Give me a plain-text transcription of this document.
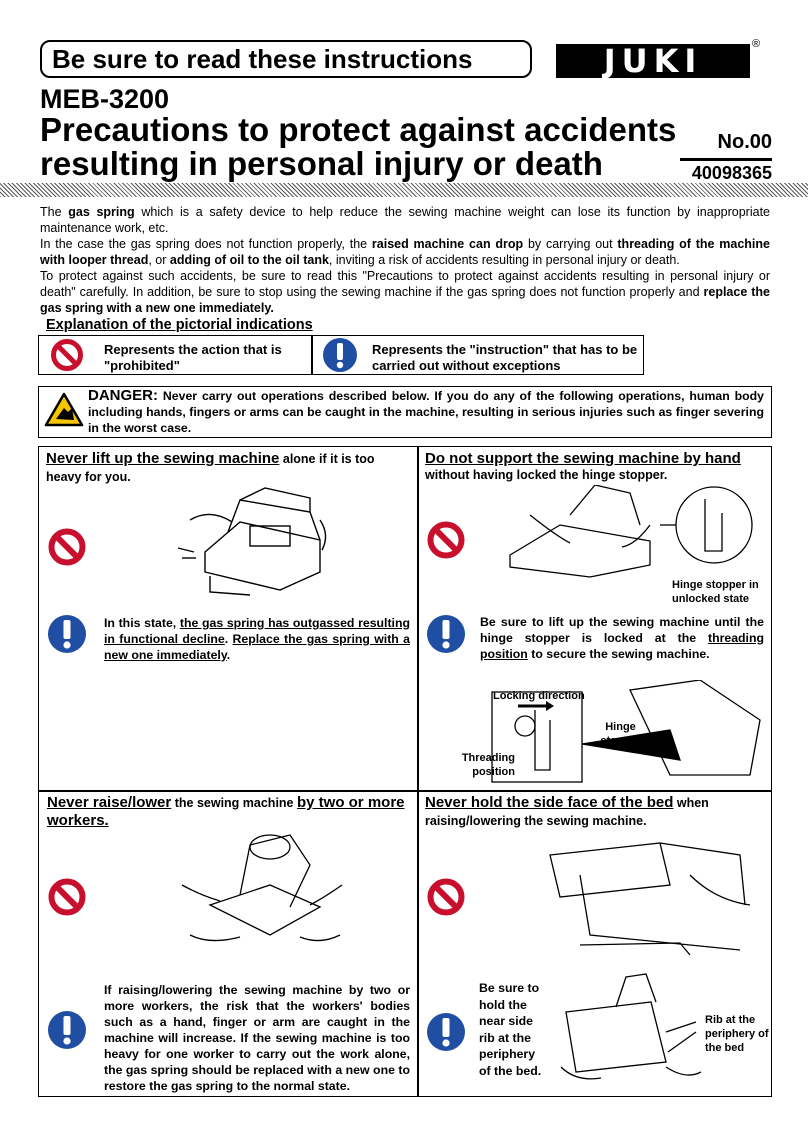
Be sure to read these instructions	JUKI	®
MEB-3200
Precautions to protect against accidents
resulting in personal injury or death
No.00
40098365

The gas spring which is a safety device to help reduce the sewing machine weight can lose its function by inappropriate maintenance work, etc.

In the case the gas spring does not function properly, the raised machine can drop by carrying out threading of the machine with looper thread, or adding of oil to the oil tank, inviting a risk of accidents resulting in personal injury or death.

To protect against such accidents, be sure to read this "Precautions to protect against accidents resulting in personal injury or death" carefully. In addition, be sure to stop using the sewing machine if the gas spring does not function properly and replace the gas spring with a new one immediately.

Explanation of the pictorial indications
Represents the action that is "prohibited"
Represents the "instruction" that has to be carried out without exceptions
DANGER: Never carry out operations described below. If you do any of the following operations, human body including hands, fingers or arms can be caught in the machine, resulting in serious injuries such as finger severing in the worst case.
Never lift up the sewing machine alone if it is too heavy for you.
In this state, the gas spring has outgassed resulting in functional decline. Replace the gas spring with a new one immediately.
Do not support the sewing machine by hand
without having locked the hinge stopper.
Hinge stopper in unlocked state
Be sure to lift up the sewing machine until the hinge stopper is locked at the threading position to secure the sewing machine.
Locking direction
Hinge stopper
Threading position
Never raise/lower the sewing machine by two or more workers.
If raising/lowering the sewing machine by two or more workers, the risk that the workers' bodies such as a hand, finger or arm are caught in the machine will increase. If the sewing machine is too heavy for one worker to carry out the work alone, the gas spring should be replaced with a new one to restore the gas spring to the normal state.
Never hold the side face of the bed when raising/lowering the sewing machine.
Be sure to hold the near side rib at the periphery of the bed.
Rib at the periphery of the bed
